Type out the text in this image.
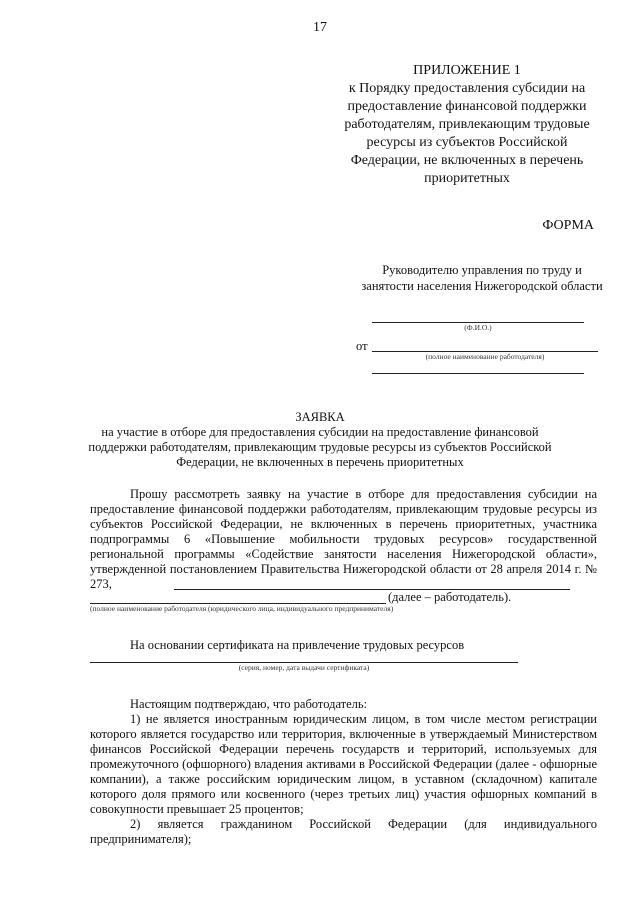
17
ПРИЛОЖЕНИЕ 1
к Порядку предоставления субсидии на предоставление финансовой поддержки работодателям, привлекающим трудовые ресурсы из субъектов Российской Федерации, не включенных в перечень приоритетных
ФОРМА
Руководителю управления по труду и занятости населения Нижегородской области
(Ф.И.О.)
от
(полное наименование работодателя)
ЗАЯВКА
на участие в отборе для предоставления субсидии на предоставление финансовой поддержки работодателям, привлекающим трудовые ресурсы из субъектов Российской Федерации, не включенных в перечень приоритетных
Прошу рассмотреть заявку на участие в отборе для предоставления субсидии на предоставление финансовой поддержки работодателям, привлекающим трудовые ресурсы из субъектов Российской Федерации, не включенных в перечень приоритетных, участника подпрограммы 6 «Повышение мобильности трудовых ресурсов» государственной региональной программы «Содействие занятости населения Нижегородской области», утвержденной постановлением Правительства Нижегородской области от 28 апреля 2014 г. № 273,
(далее – работодатель).
(полное наименование работодателя (юридического лица, индивидуального предпринимателя)
На основании сертификата на привлечение трудовых ресурсов
(серия, номер, дата выдачи сертификата)
Настоящим подтверждаю, что работодатель:
1) не является иностранным юридическим лицом, в том числе местом регистрации которого является государство или территория, включенные в утверждаемый Министерством финансов Российской Федерации перечень государств и территорий, используемых для промежуточного (офшорного) владения активами в Российской Федерации (далее - офшорные компании), а также российским юридическим лицом, в уставном (складочном) капитале которого доля прямого или косвенного (через третьих лиц) участия офшорных компаний в совокупности превышает 25 процентов;
2) является гражданином Российской Федерации (для индивидуального предпринимателя);
